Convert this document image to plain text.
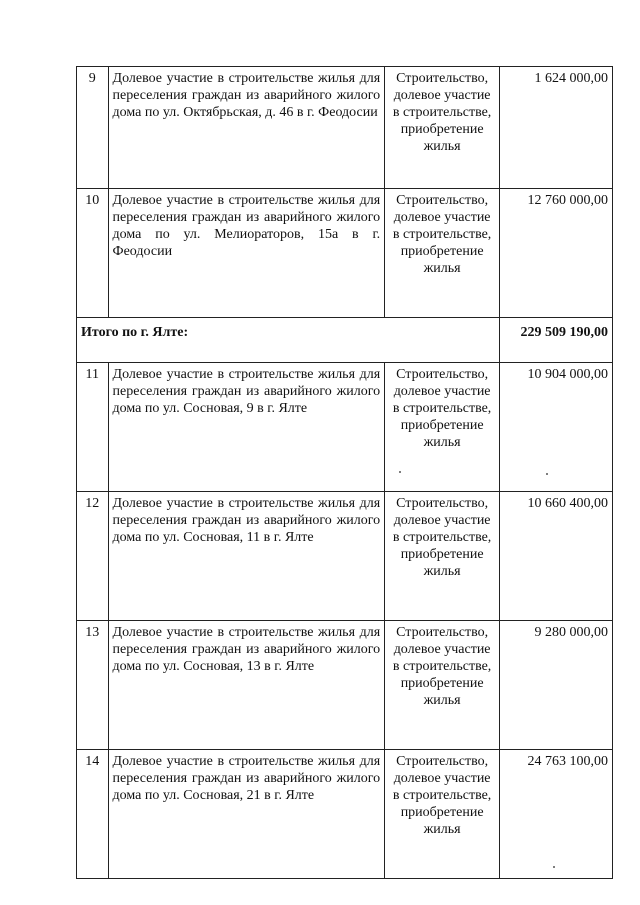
9	Долевое участие в строительстве жилья для переселения граждан из аварийного жилого дома по ул. Октябрьская, д. 46 в г. Феодосии	Строительство, долевое участие в строительстве, приобретение жилья	1 624 000,00
10	Долевое участие в строительстве жилья для переселения граждан из аварийного жилого дома по ул. Мелиораторов, 15а в г. Феодосии	Строительство, долевое участие в строительстве, приобретение жилья	12 760 000,00
Итого по г. Ялте:			229 509 190,00
11	Долевое участие в строительстве жилья для переселения граждан из аварийного жилого дома по ул. Сосновая, 9 в г. Ялте	Строительство, долевое участие в строительстве, приобретение жилья	10 904 000,00
12	Долевое участие в строительстве жилья для переселения граждан из аварийного жилого дома по ул. Сосновая, 11 в г. Ялте	Строительство, долевое участие в строительстве, приобретение жилья	10 660 400,00
13	Долевое участие в строительстве жилья для переселения граждан из аварийного жилого дома по ул. Сосновая, 13 в г. Ялте	Строительство, долевое участие в строительстве, приобретение жилья	9 280 000,00
14	Долевое участие в строительстве жилья для переселения граждан из аварийного жилого дома по ул. Сосновая, 21 в г. Ялте	Строительство, долевое участие в строительстве, приобретение жилья	24 763 100,00
